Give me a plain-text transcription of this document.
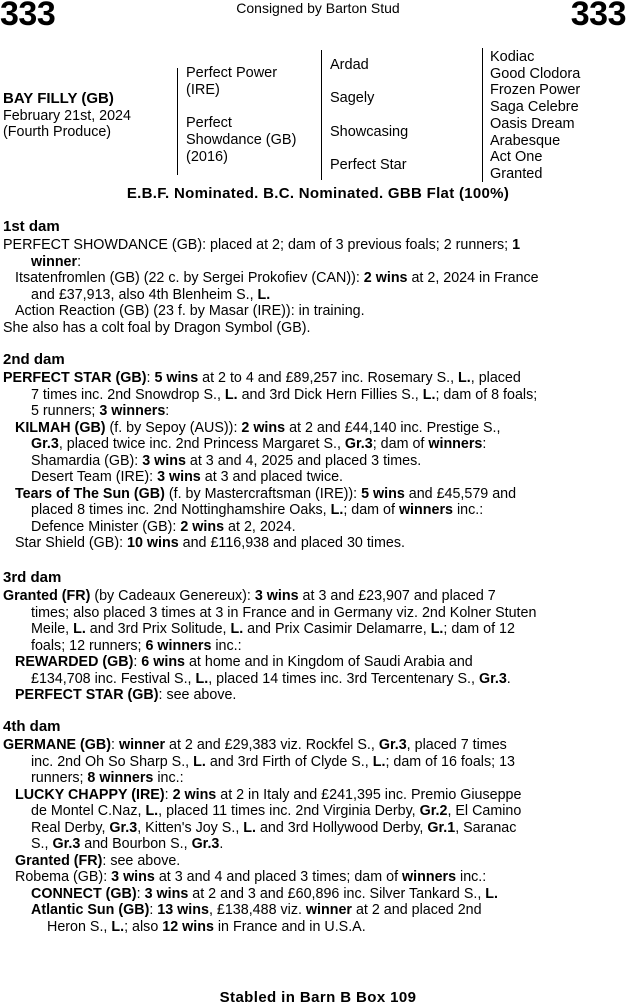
333	Consigned by Barton Stud	333
BAY FILLY (GB)
February 21st, 2024
(Fourth Produce)
Perfect Power
(IRE)
Perfect
Showdance (GB)
(2016)
Ardad
Sagely
Showcasing
Perfect Star
Kodiac
Good Clodora
Frozen Power
Saga Celebre
Oasis Dream
Arabesque
Act One
Granted
E.B.F. Nominated. B.C. Nominated. GBB Flat (100%)
1st dam
PERFECT SHOWDANCE (GB): placed at 2; dam of 3 previous foals; 2 runners; 1
winner:
Itsatenfromlen (GB) (22 c. by Sergei Prokofiev (CAN)): 2 wins at 2, 2024 in France
and £37,913, also 4th Blenheim S., L.
Action Reaction (GB) (23 f. by Masar (IRE)): in training.
She also has a colt foal by Dragon Symbol (GB).
2nd dam
PERFECT STAR (GB): 5 wins at 2 to 4 and £89,257 inc. Rosemary S., L., placed
7 times inc. 2nd Snowdrop S., L. and 3rd Dick Hern Fillies S., L.; dam of 8 foals;
5 runners; 3 winners:
KILMAH (GB) (f. by Sepoy (AUS)): 2 wins at 2 and £44,140 inc. Prestige S.,
Gr.3, placed twice inc. 2nd Princess Margaret S., Gr.3; dam of winners:
Shamardia (GB): 3 wins at 3 and 4, 2025 and placed 3 times.
Desert Team (IRE): 3 wins at 3 and placed twice.
Tears of The Sun (GB) (f. by Mastercraftsman (IRE)): 5 wins and £45,579 and
placed 8 times inc. 2nd Nottinghamshire Oaks, L.; dam of winners inc.:
Defence Minister (GB): 2 wins at 2, 2024.
Star Shield (GB): 10 wins and £116,938 and placed 30 times.
3rd dam
Granted (FR) (by Cadeaux Genereux): 3 wins at 3 and £23,907 and placed 7
times; also placed 3 times at 3 in France and in Germany viz. 2nd Kolner Stuten
Meile, L. and 3rd Prix Solitude, L. and Prix Casimir Delamarre, L.; dam of 12
foals; 12 runners; 6 winners inc.:
REWARDED (GB): 6 wins at home and in Kingdom of Saudi Arabia and
£134,708 inc. Festival S., L., placed 14 times inc. 3rd Tercentenary S., Gr.3.
PERFECT STAR (GB): see above.
4th dam
GERMANE (GB): winner at 2 and £29,383 viz. Rockfel S., Gr.3, placed 7 times
inc. 2nd Oh So Sharp S., L. and 3rd Firth of Clyde S., L.; dam of 16 foals; 13
runners; 8 winners inc.:
LUCKY CHAPPY (IRE): 2 wins at 2 in Italy and £241,395 inc. Premio Giuseppe
de Montel C.Naz, L., placed 11 times inc. 2nd Virginia Derby, Gr.2, El Camino
Real Derby, Gr.3, Kitten's Joy S., L. and 3rd Hollywood Derby, Gr.1, Saranac
S., Gr.3 and Bourbon S., Gr.3.
Granted (FR): see above.
Robema (GB): 3 wins at 3 and 4 and placed 3 times; dam of winners inc.:
CONNECT (GB): 3 wins at 2 and 3 and £60,896 inc. Silver Tankard S., L.
Atlantic Sun (GB): 13 wins, £138,488 viz. winner at 2 and placed 2nd
Heron S., L.; also 12 wins in France and in U.S.A.
Stabled in Barn B Box 109
